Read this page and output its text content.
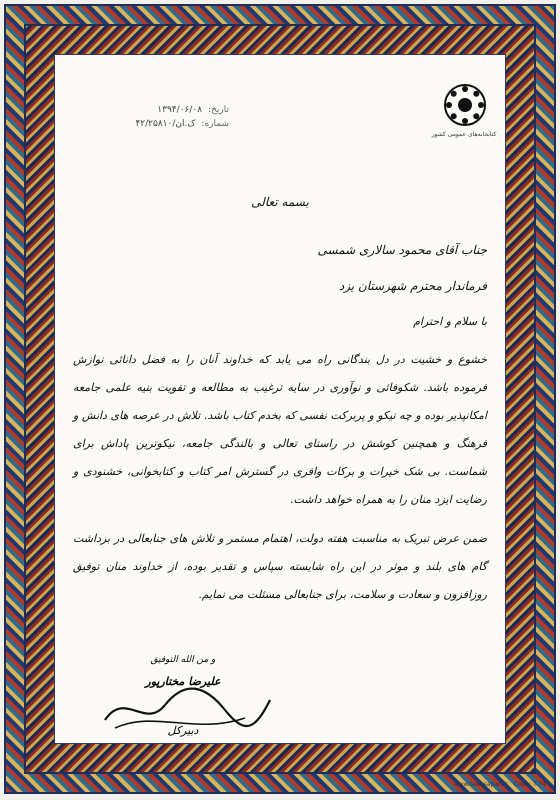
کتابخانه‌های عمومی کشور
تاریخ:
۱۳۹۴/۰۶/۰۸
شماره:
۴۲/۲۵۸۱۰/ک.ان
بسمه تعالی
جناب آقای محمود سالاری شمسی
فرماندار محترم شهرستان یزد
با سلام و احترام

خشوع و خشیت در دل بندگانی راه می یابد که خداوند آنان را به فضل دانائی نوازش فرموده باشد. شکوفائی و نوآوری در سایه ترغیب به مطالعه و تقویت بنیه علمی جامعه امکانپذیر بوده و چه نیکو و پربرکت نفسی که بخدم کتاب باشد. تلاش در عرصه های دانش و فرهنگ و همچنین کوشش در راستای تعالی و بالندگی جامعه، نیکوترین پاداش برای شماست. بی شک خیرات و برکات وافری در گسترش امر کتاب و کتابخوانی، خشنودی و رضایت ایزد منان را به همراه خواهد داشت.

ضمن عرض تبریک به مناسبت هفته دولت، اهتمام مستمر و تلاش های جنابعالی در برداشت گام های بلند و موثر در این راه شایسته سپاس و تقدیر بوده، از خداوند منان توفیق روزافزون و سعادت و سلامت، برای جنابعالی مسئلت می نمایم.

و من الله التوفیق
علیرضا مختارپور
دبیرکل
www.tawssapah.ir Code: T-74
